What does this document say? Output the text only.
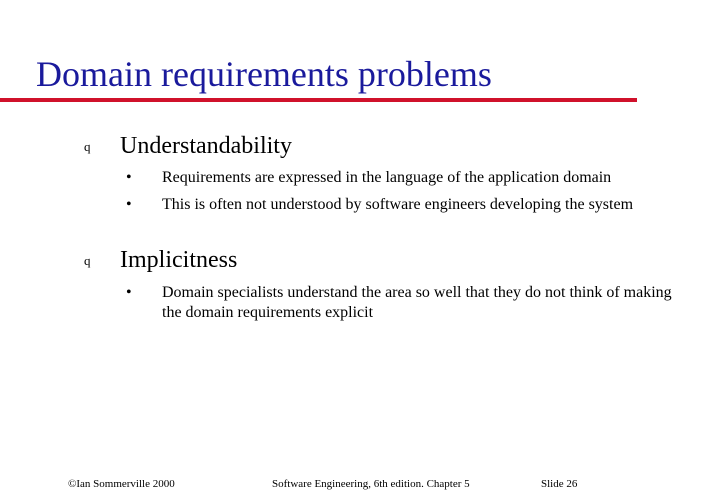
Domain requirements problems
q Understandability
• Requirements are expressed in the language of the application domain
• This is often not understood by software engineers developing the system
q Implicitness
• Domain specialists understand the area so well that they do not think of making the domain requirements explicit
©Ian Sommerville 2000	Software Engineering, 6th edition. Chapter 5	Slide 26
